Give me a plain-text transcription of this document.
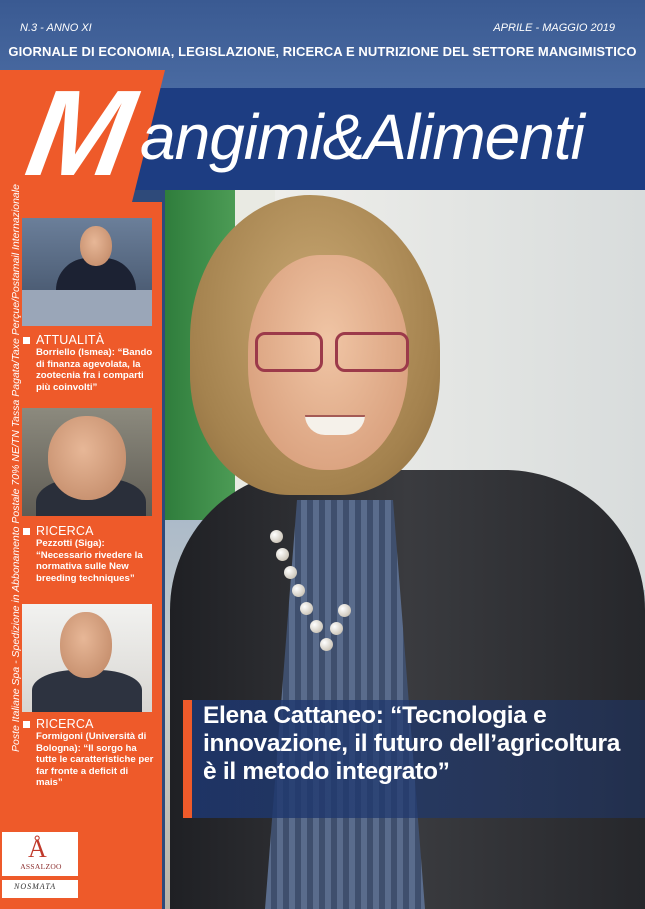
N.3 - ANNO XI	APRILE - MAGGIO 2019
GIORNALE DI ECONOMIA, LEGISLAZIONE, RICERCA E NUTRIZIONE DEL SETTORE MANGIMISTICO
M
angimi&Alimenti
Poste Italiane Spa - Spedizione in Abbonamento Postale 70% NE/TN Tassa Pagata/Taxe Perçue/Postamail Internazionale ATTUALITÀ
Borriello (Ismea): “Bando di finanza agevolata, la zootecnia fra i comparti più coinvolti”
RICERCA
Pezzotti (Siga): “Necessario rivedere la normativa sulle New breeding techniques”
RICERCA
Formigoni (Università di Bologna): “Il sorgo ha tutte le caratteristiche per far fronte a deficit di mais”
Å
ASSALZOO
NOSMATA
Elena Cattaneo: “Tecnologia e innovazione, il futuro dell’agricoltura è il metodo integrato”
